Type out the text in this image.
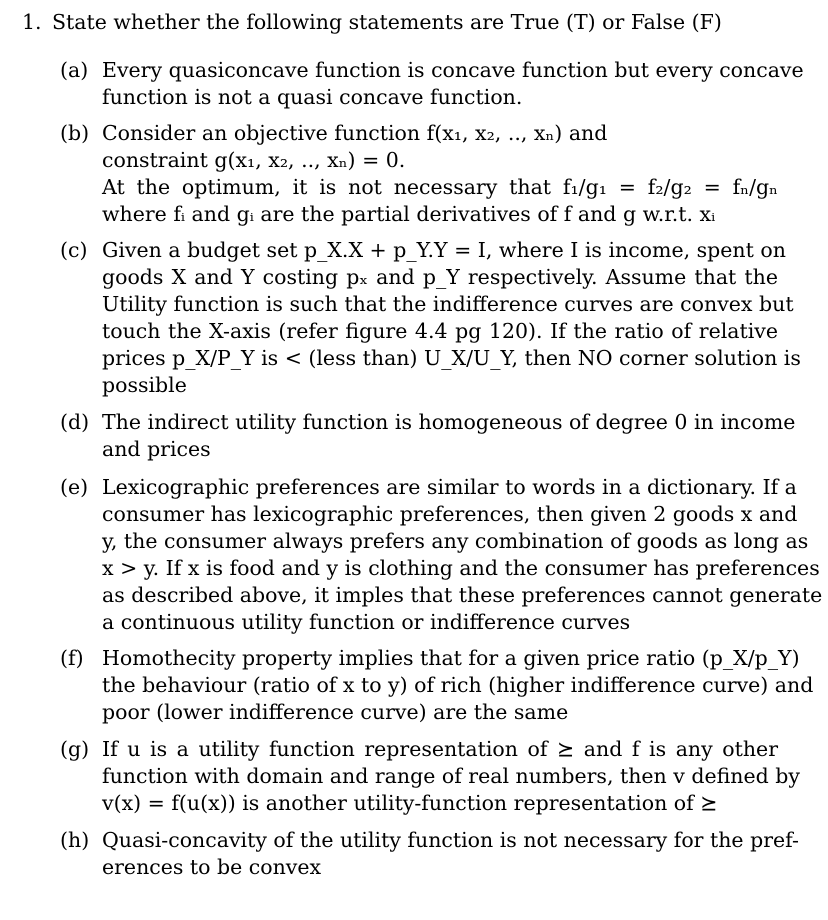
1. State whether the following statements are True (T) or False (F)
(a) Every quasiconcave function is concave function but every concave
function is not a quasi concave function.
(b) Consider an objective function f(x₁, x₂, .., xₙ) and
constraint g(x₁, x₂, .., xₙ) = 0.
At the optimum, it is not necessary that f₁/g₁ = f₂/g₂ = fₙ/gₙ
where fᵢ and gᵢ are the partial derivatives of f and g w.r.t. xᵢ
(c) Given a budget set p_X.X + p_Y.Y = I, where I is income, spent on
goods X and Y costing pₓ and p_Y respectively. Assume that the
Utility function is such that the indifference curves are convex but
touch the X-axis (refer figure 4.4 pg 120). If the ratio of relative
prices p_X/P_Y is < (less than) U_X/U_Y, then NO corner solution is
possible
(d) The indirect utility function is homogeneous of degree 0 in income
and prices
(e) Lexicographic preferences are similar to words in a dictionary. If a
consumer has lexicographic preferences, then given 2 goods x and
y, the consumer always prefers any combination of goods as long as
x > y. If x is food and y is clothing and the consumer has preferences
as described above, it imples that these preferences cannot generate
a continuous utility function or indifference curves
(f) Homothecity property implies that for a given price ratio (p_X/p_Y)
the behaviour (ratio of x to y) of rich (higher indifference curve) and
poor (lower indifference curve) are the same
(g) If u is a utility function representation of ⪰ and f is any other
function with domain and range of real numbers, then v defined by
v(x) = f(u(x)) is another utility-function representation of ⪰
(h) Quasi-concavity of the utility function is not necessary for the pref-
erences to be convex
